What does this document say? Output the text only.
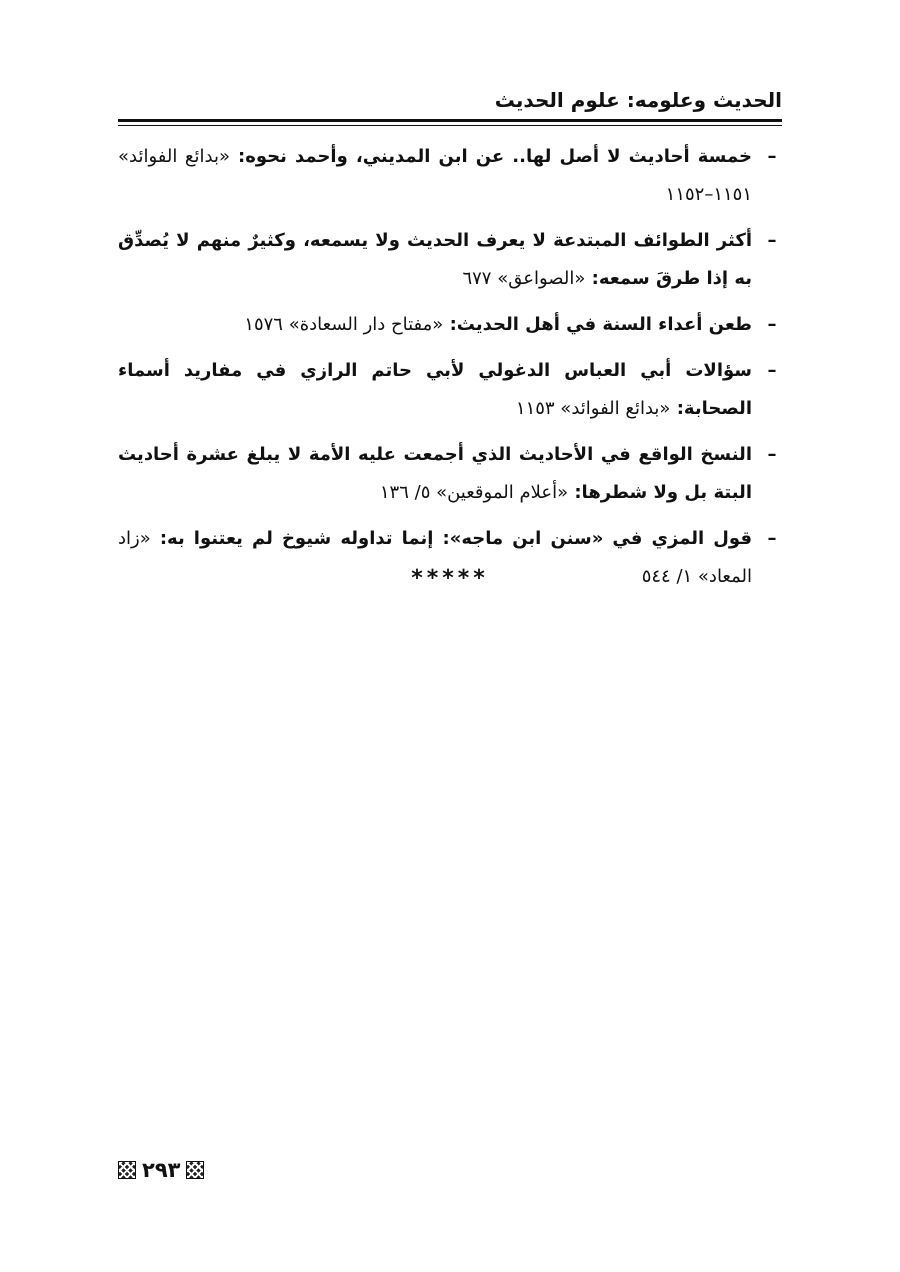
الحديث وعلومه: علوم الحديث
–
خمسة أحاديث لا أصل لها.. عن ابن المديني، وأحمد نحوه: «بدائع الفوائد» ١١٥١–١١٥٢
–
أكثر الطوائف المبتدعة لا يعرف الحديث ولا يسمعه، وكثيرٌ منهم لا يُصدِّق به إذا طرقَ سمعه: «الصواعق» ٦٧٧
–
طعن أعداء السنة في أهل الحديث: «مفتاح دار السعادة» ١٥٧٦
–
سؤالات أبي العباس الدغولي لأبي حاتم الرازي في مفاريد أسماء الصحابة: «بدائع الفوائد» ١١٥٣
–
النسخ الواقع في الأحاديث الذي أجمعت عليه الأمة لا يبلغ عشرة أحاديث البتة بل ولا شطرها: «أعلام الموقعين» ٥/ ١٣٦
–
قول المزي في «سنن ابن ماجه»: إنما تداوله شيوخ لم يعتنوا به: «زاد المعاد» ١/ ٥٤٤
*****
٢٩٣
